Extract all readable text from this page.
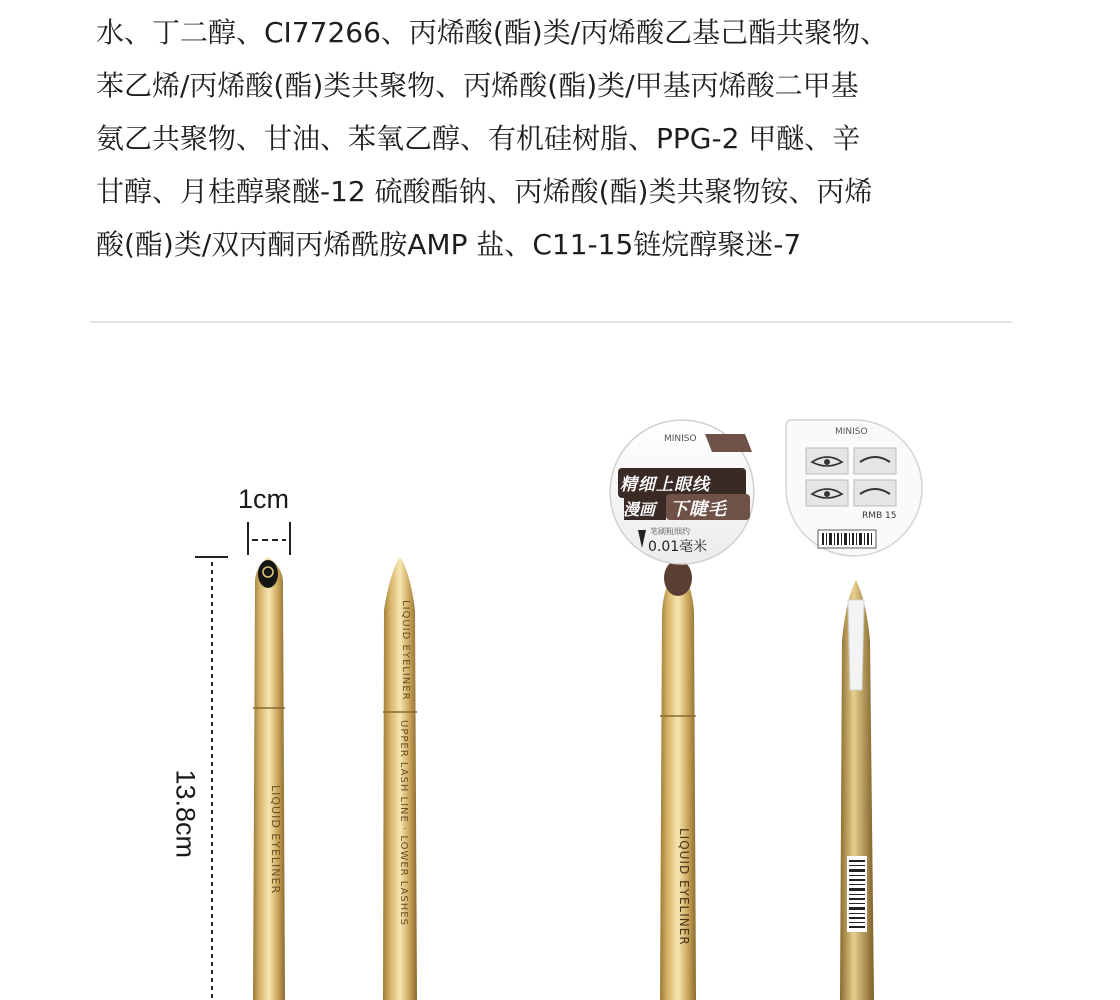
水、丁二醇、CI77266、丙烯酸(酯)类/丙烯酸乙基己酯共聚物、
苯乙烯/丙烯酸(酯)类共聚物、丙烯酸(酯)类/甲基丙烯酸二甲基
氨乙共聚物、甘油、苯氧乙醇、有机硅树脂、PPG-2 甲醚、辛
甘醇、月桂醇聚醚-12 硫酸酯钠、丙烯酸(酯)类共聚物铵、丙烯
酸(酯)类/双丙酮丙烯酰胺AMP 盐、C11-15链烷醇聚迷-7
LIQUID EYELINER
LIQUID EYELINER
UPPER LASH LINE · LOWER LASHES	LIQUID EYELINER
1cm
13.8cm
MINISO
精细上眼线
漫画 下睫毛
笔刷粗细约
0.01毫米
MINISO
RMB 15
